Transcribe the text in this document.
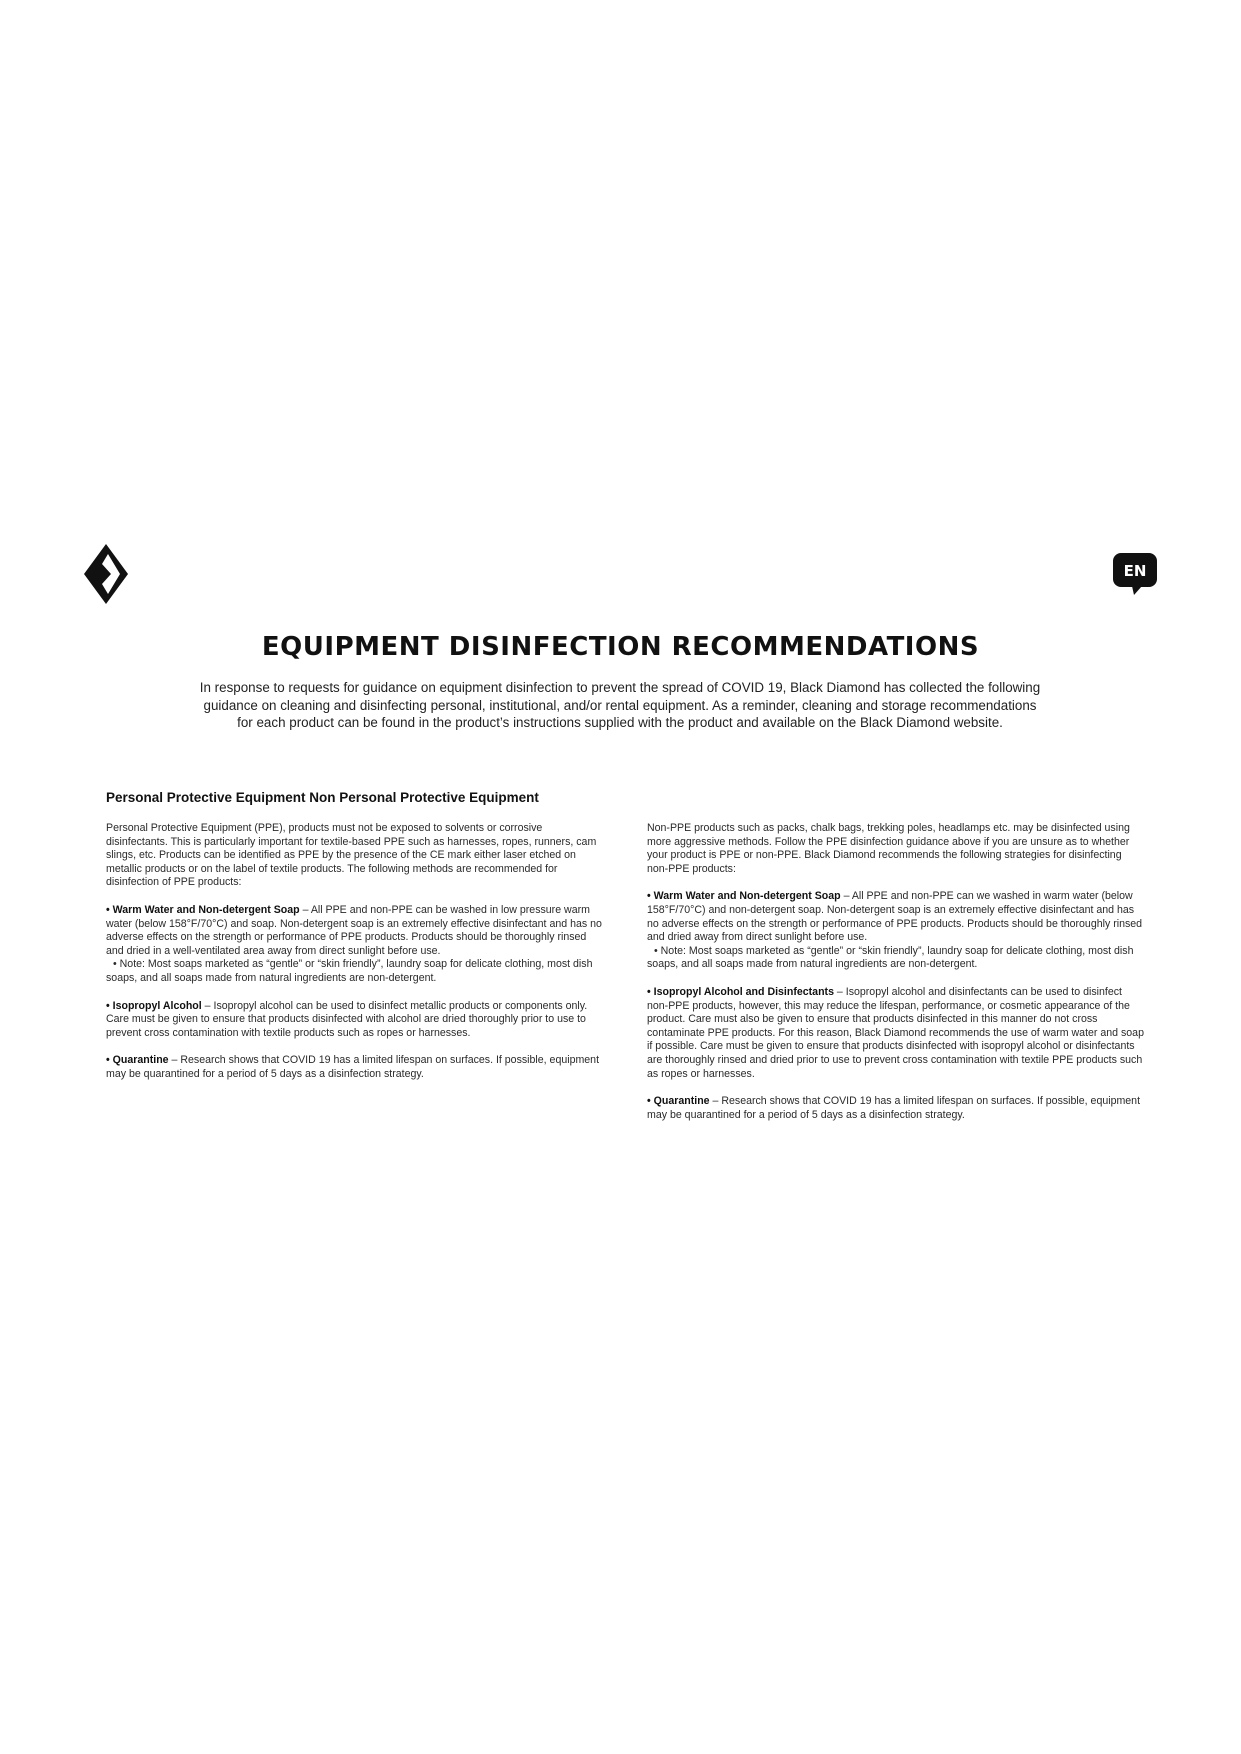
EN
EQUIPMENT DISINFECTION RECOMMENDATIONS
In response to requests for guidance on equipment disinfection to prevent the spread of COVID 19, Black Diamond has collected the following guidance on cleaning and disinfecting personal, institutional, and/or rental equipment. As a reminder, cleaning and storage recommendations for each product can be found in the product’s instructions supplied with the product and available on the Black Diamond website.
Personal Protective Equipment Non Personal Protective Equipment

Personal Protective Equipment (PPE), products must not be exposed to solvents or corrosive disinfectants. This is particularly important for textile-based PPE such as harnesses, ropes, runners, cam slings, etc. Products can be identified as PPE by the presence of the CE mark either laser etched on metallic products or on the label of textile products. The following methods are recommended for disinfection of PPE products:

• Warm Water and Non-detergent Soap – All PPE and non-PPE can be washed in low pressure warm water (below 158°F/70°C) and soap. Non-detergent soap is an extremely effective disinfectant and has no adverse effects on the strength or performance of PPE products. Products should be thoroughly rinsed and dried in a well-ventilated area away from direct sunlight before use.
• Note: Most soaps marketed as “gentle” or “skin friendly”, laundry soap for delicate clothing, most dish soaps, and all soaps made from natural ingredients are non-detergent.

• Isopropyl Alcohol – Isopropyl alcohol can be used to disinfect metallic products or components only. Care must be given to ensure that products disinfected with alcohol are dried thoroughly prior to use to prevent cross contamination with textile products such as ropes or harnesses.

• Quarantine – Research shows that COVID 19 has a limited lifespan on surfaces. If possible, equipment may be quarantined for a period of 5 days as a disinfection strategy.

Non-PPE products such as packs, chalk bags, trekking poles, headlamps etc. may be disinfected using more aggressive methods. Follow the PPE disinfection guidance above if you are unsure as to whether your product is PPE or non-PPE. Black Diamond recommends the following strategies for disinfecting non-PPE products:

• Warm Water and Non-detergent Soap – All PPE and non-PPE can we washed in warm water (below 158°F/70°C) and non-detergent soap. Non-detergent soap is an extremely effective disinfectant and has no adverse effects on the strength or performance of PPE products. Products should be thoroughly rinsed and dried away from direct sunlight before use.
• Note: Most soaps marketed as “gentle” or “skin friendly”, laundry soap for delicate clothing, most dish soaps, and all soaps made from natural ingredients are non-detergent.

• Isopropyl Alcohol and Disinfectants – Isopropyl alcohol and disinfectants can be used to disinfect non-PPE products, however, this may reduce the lifespan, performance, or cosmetic appearance of the product. Care must also be given to ensure that products disinfected in this manner do not cross contaminate PPE products. For this reason, Black Diamond recommends the use of warm water and soap if possible. Care must be given to ensure that products disinfected with isopropyl alcohol or disinfectants are thoroughly rinsed and dried prior to use to prevent cross contamination with textile PPE products such as ropes or harnesses.

• Quarantine – Research shows that COVID 19 has a limited lifespan on surfaces. If possible, equipment may be quarantined for a period of 5 days as a disinfection strategy.
